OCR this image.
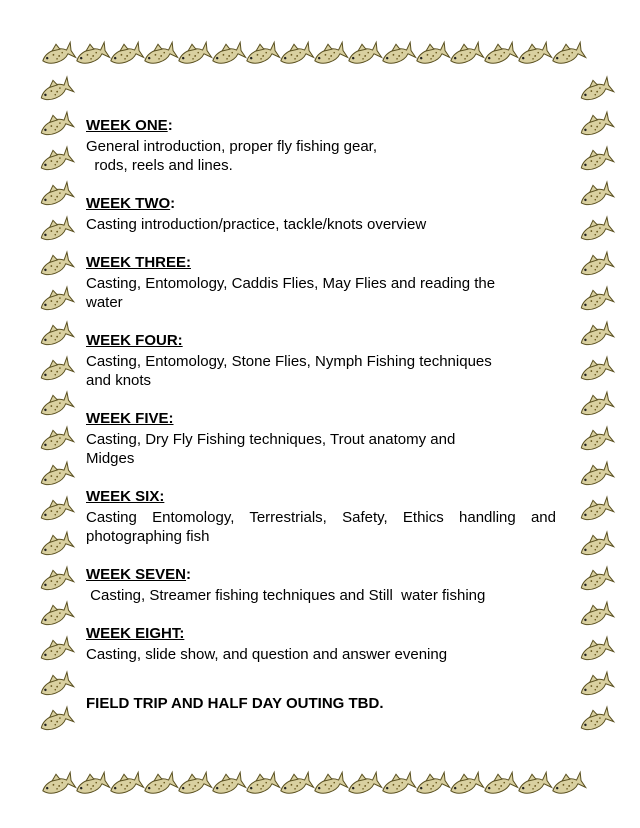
WEEK ONE:
General introduction, proper fly fishing gear,
rods, reels and lines.
WEEK TWO:
Casting introduction/practice, tackle/knots overview
WEEK THREE:
Casting, Entomology, Caddis Flies, May Flies and reading the
water
WEEK FOUR:
Casting, Entomology, Stone Flies, Nymph Fishing techniques
and knots
WEEK FIVE:
Casting, Dry Fly Fishing techniques, Trout anatomy and
Midges
WEEK SIX:
Casting Entomology, Terrestrials, Safety, Ethics handling and photographing fish
WEEK SEVEN:
Casting, Streamer fishing techniques and Still  water fishing
WEEK EIGHT:
Casting, slide show, and question and answer evening
FIELD TRIP AND HALF DAY OUTING TBD.
